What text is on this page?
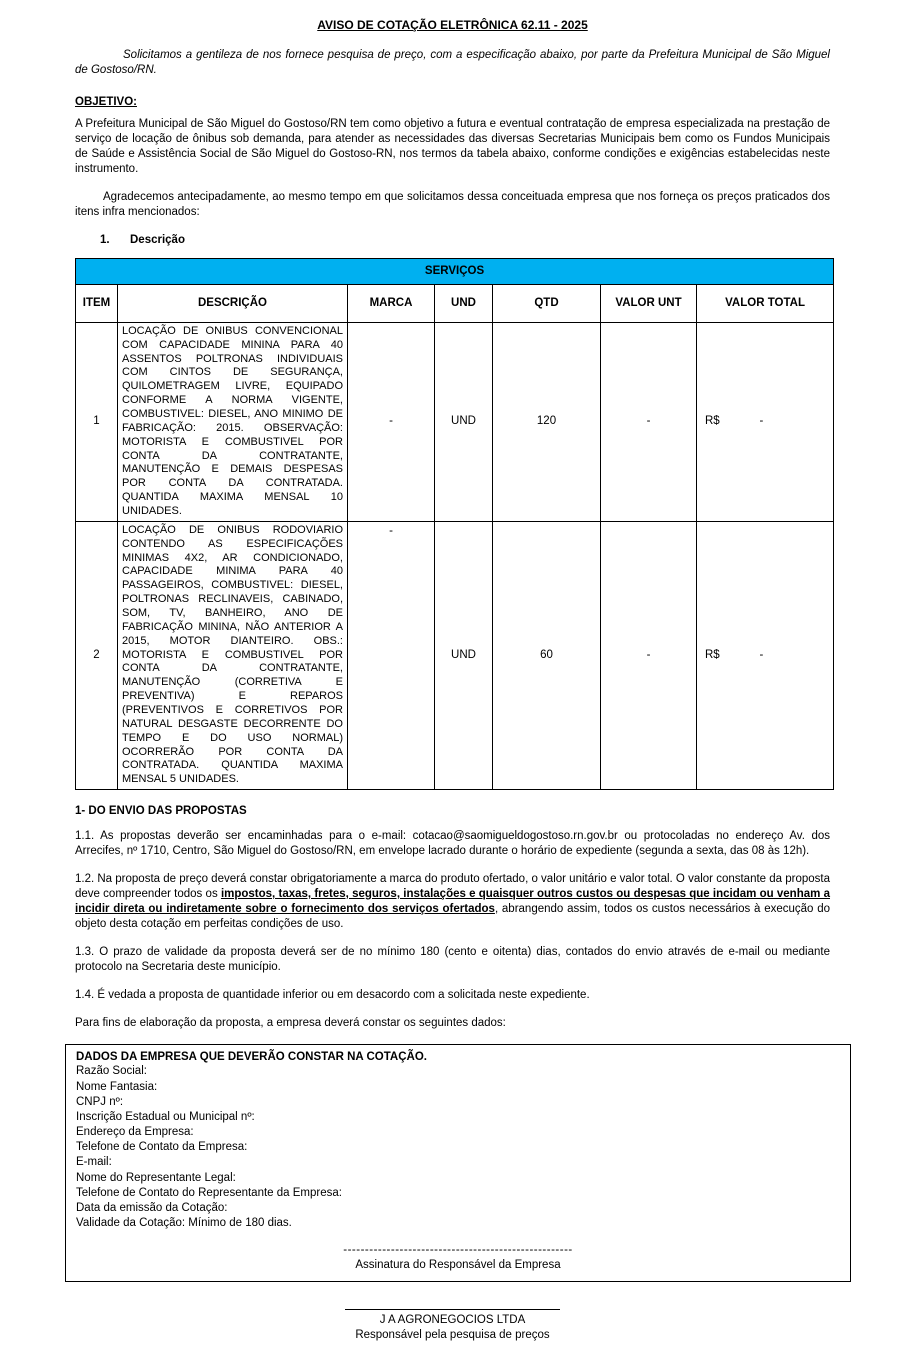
AVISO DE COTAÇÃO ELETRÔNICA 62.11 - 2025

Solicitamos a gentileza de nos fornece pesquisa de preço, com a especificação abaixo, por parte da Prefeitura Municipal de São Miguel de Gostoso/RN.

OBJETIVO:

A Prefeitura Municipal de São Miguel do Gostoso/RN tem como objetivo a futura e eventual contratação de empresa especializada na prestação de serviço de locação de ônibus sob demanda, para atender as necessidades das diversas Secretarias Municipais bem como os Fundos Municipais de Saúde e Assistência Social de São Miguel do Gostoso-RN, nos termos da tabela abaixo, conforme condições e exigências estabelecidas neste instrumento.

Agradecemos antecipadamente, ao mesmo tempo em que solicitamos dessa conceituada empresa que nos forneça os preços praticados dos itens infra mencionados:

1. Descrição
SERVIÇOS						
ITEM	DESCRIÇÃO	MARCA	UND	QTD	VALOR UNT	VALOR TOTAL
1	LOCAÇÃO DE ONIBUS CONVENCIONAL COM CAPACIDADE MININA PARA 40 ASSENTOS POLTRONAS INDIVIDUAIS COM CINTOS DE SEGURANÇA, QUILOMETRAGEM LIVRE, EQUIPADO CONFORME A NORMA VIGENTE, COMBUSTIVEL: DIESEL, ANO MINIMO DE FABRICAÇÃO: 2015. OBSERVAÇÃO: MOTORISTA E COMBUSTIVEL POR CONTA DA CONTRATANTE, MANUTENÇÃO E DEMAIS DESPESAS POR CONTA DA CONTRATADA. QUANTIDA MAXIMA MENSAL 10 UNIDADES.	-	UND	120	-	R$ -

2	LOCAÇÃO DE ONIBUS RODOVIARIO CONTENDO AS ESPECIFICAÇÕES MINIMAS 4X2, AR CONDICIONADO, CAPACIDADE MINIMA PARA 40 PASSAGEIROS, COMBUSTIVEL: DIESEL, POLTRONAS RECLINAVEIS, CABINADO, SOM, TV, BANHEIRO, ANO DE FABRICAÇÃO MININA, NÃO ANTERIOR A 2015, MOTOR DIANTEIRO. OBS.: MOTORISTA E COMBUSTIVEL POR CONTA DA CONTRATANTE, MANUTENÇÃO (CORRETIVA E PREVENTIVA) E REPAROS (PREVENTIVOS E CORRETIVOS POR NATURAL DESGASTE DECORRENTE DO TEMPO E DO USO NORMAL) OCORRERÃO POR CONTA DA CONTRATADA. QUANTIDA MAXIMA MENSAL 5 UNIDADES.	-	UND	60	-	R$ -
1- DO ENVIO DAS PROPOSTAS

1.1. As propostas deverão ser encaminhadas para o e-mail: cotacao@saomigueldogostoso.rn.gov.br ou protocoladas no endereço Av. dos Arrecifes, nº 1710, Centro, São Miguel do Gostoso/RN, em envelope lacrado durante o horário de expediente (segunda a sexta, das 08 às 12h).

1.2. Na proposta de preço deverá constar obrigatoriamente a marca do produto ofertado, o valor unitário e valor total. O valor constante da proposta deve compreender todos os impostos, taxas, fretes, seguros, instalações e quaisquer outros custos ou despesas que incidam ou venham a incidir direta ou indiretamente sobre o fornecimento dos serviços ofertados, abrangendo assim, todos os custos necessários à execução do objeto desta cotação em perfeitas condições de uso.

1.3. O prazo de validade da proposta deverá ser de no mínimo 180 (cento e oitenta) dias, contados do envio através de e-mail ou mediante protocolo na Secretaria deste município.

1.4. É vedada a proposta de quantidade inferior ou em desacordo com a solicitada neste expediente.

Para fins de elaboração da proposta, a empresa deverá constar os seguintes dados:

DADOS DA EMPRESA QUE DEVERÃO CONSTAR NA COTAÇÃO.
Razão Social:
Nome Fantasia:
CNPJ nº:
Inscrição Estadual ou Municipal nº:
Endereço da Empresa:
Telefone de Contato da Empresa:
E-mail:
Nome do Representante Legal:
Telefone de Contato do Representante da Empresa:
Data da emissão da Cotação:
Validade da Cotação: Mínimo de 180 dias.
-----------------------------------------------------
Assinatura do Responsável da Empresa
J A AGRONEGOCIOS LTDA
Responsável pela pesquisa de preços
